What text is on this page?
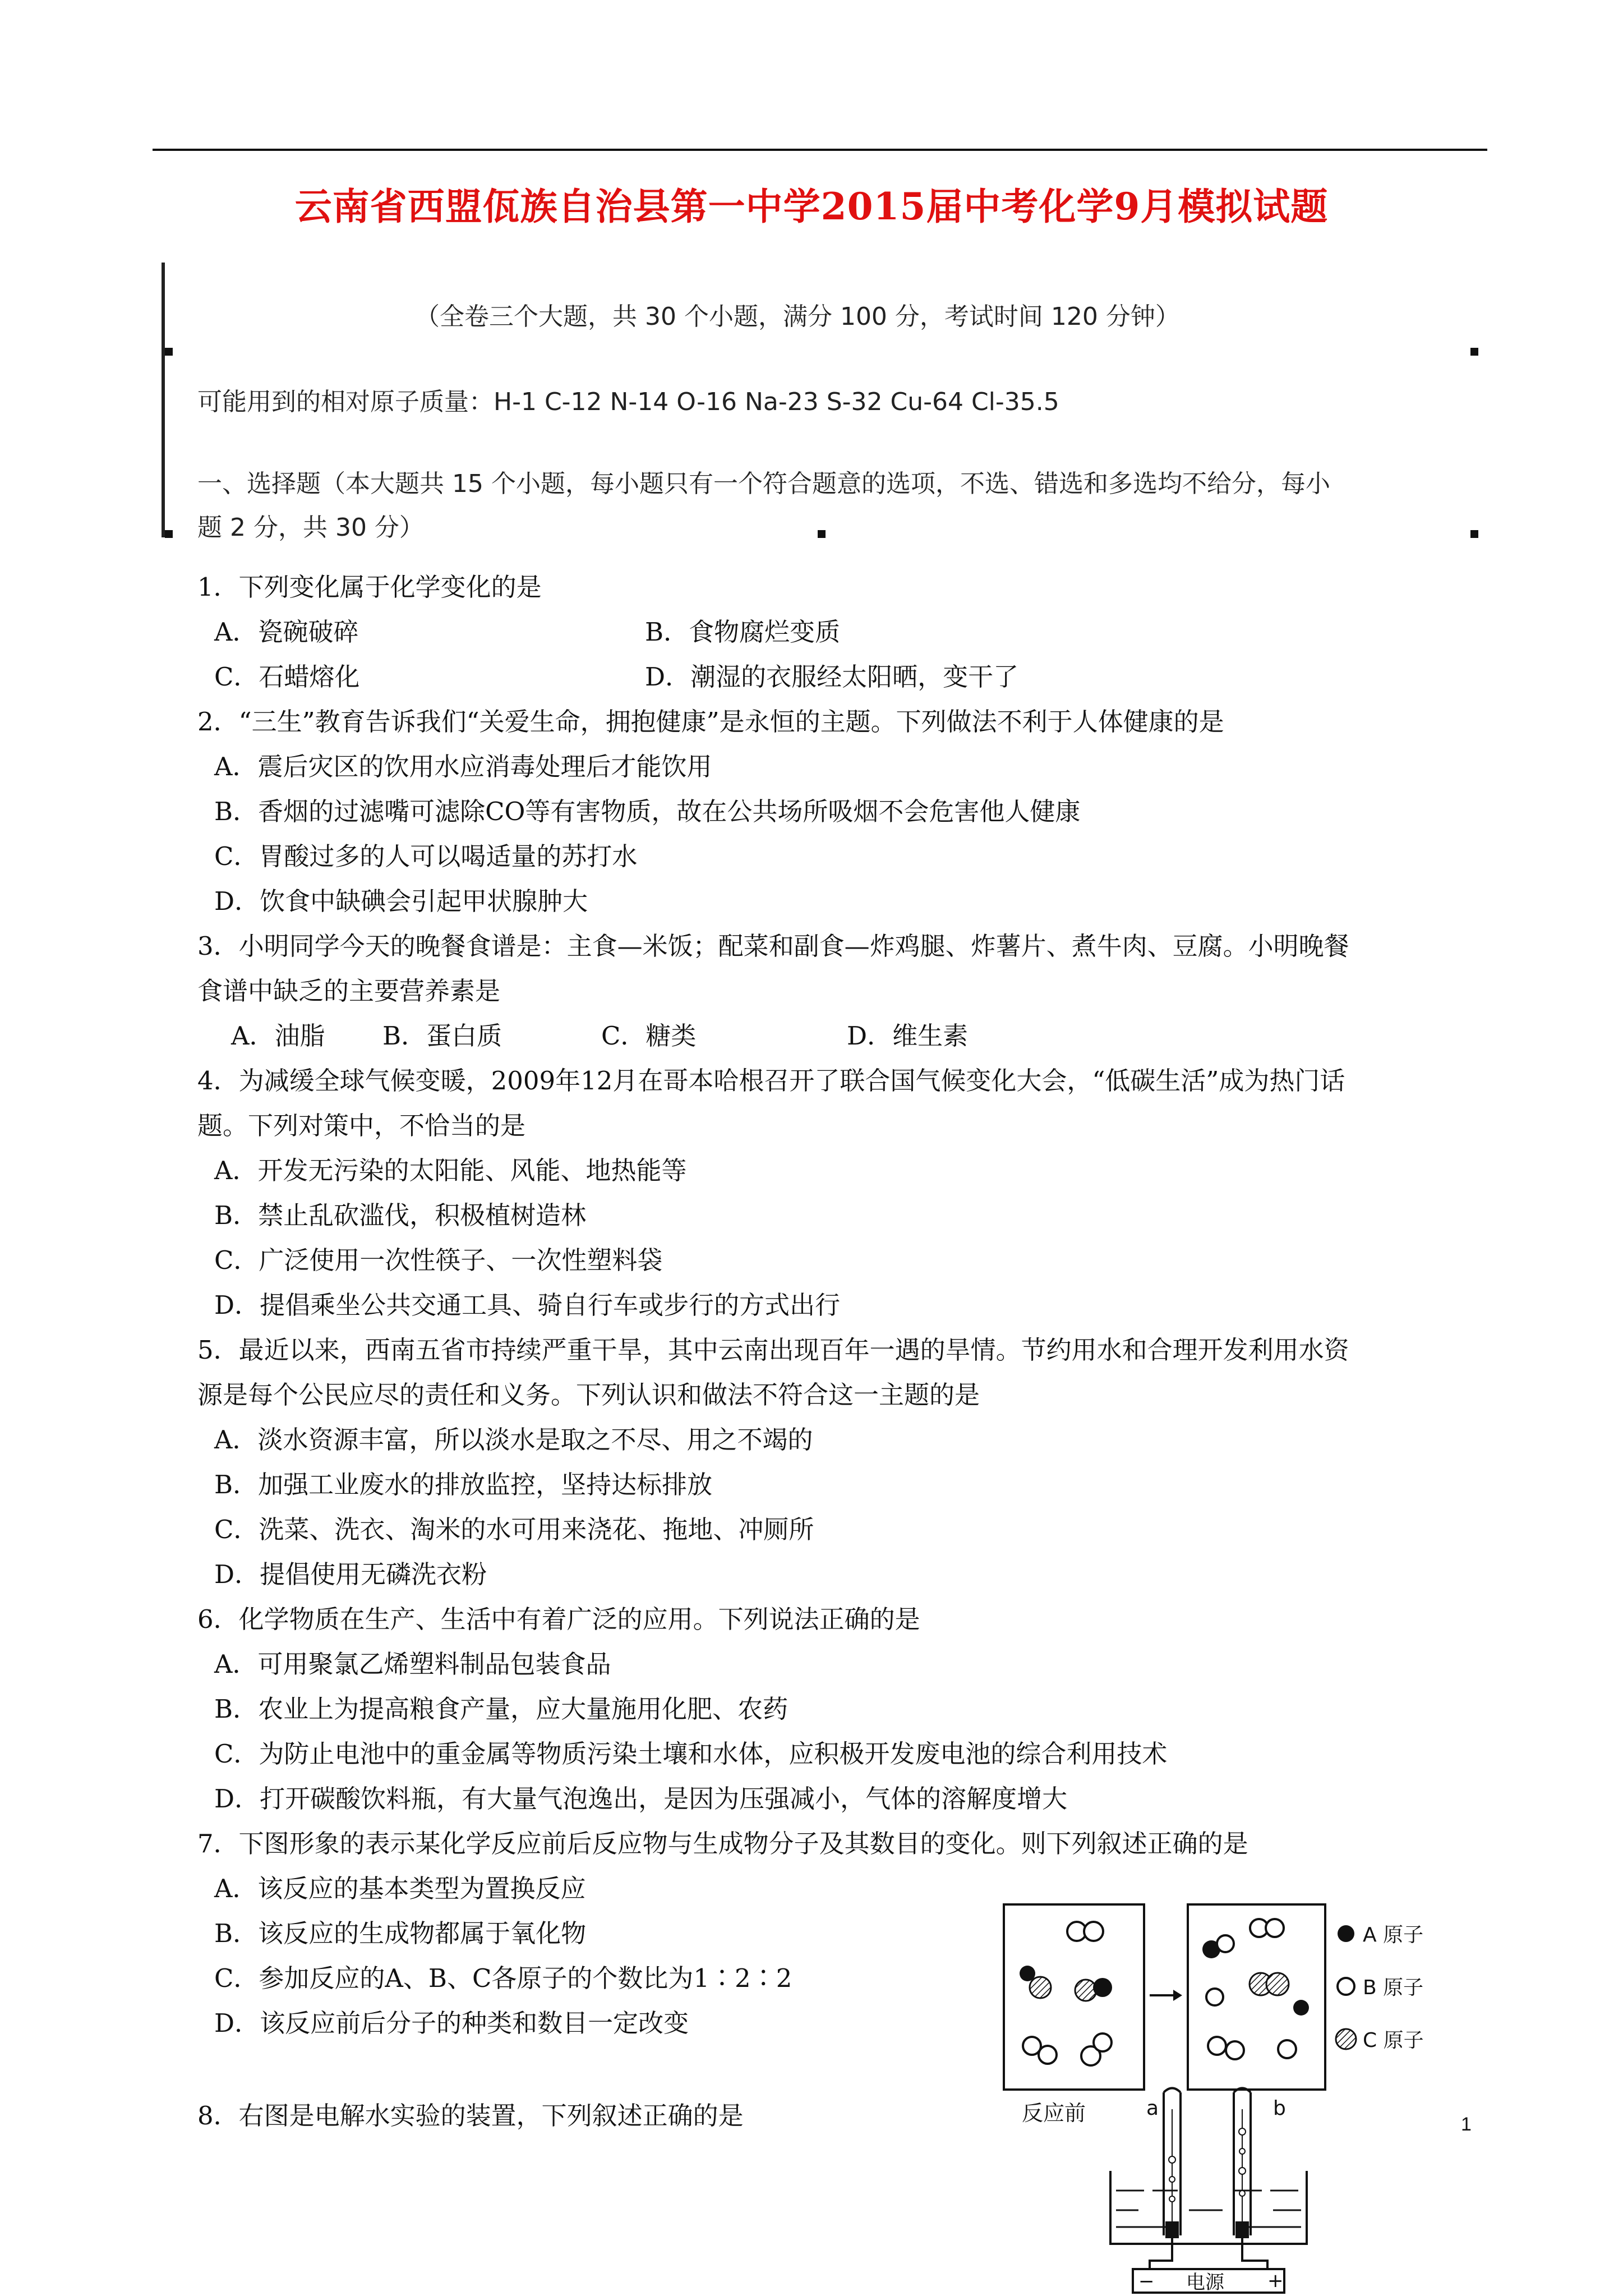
云南省西盟佤族自治县第一中学2015届中考化学9月模拟试题
（全卷三个大题，共 30 个小题，满分 100 分，考试时间 120 分钟）
可能用到的相对原子质量：H-1 C-12 N-14 O-16 Na-23 S-32 Cu-64 Cl-35.5
一、选择题（本大题共 15 个小题，每小题只有一个符合题意的选项，不选、错选和多选均不给分，每小
题 2 分，共 30 分）
1．下列变化属于化学变化的是
A．瓷碗破碎	B．食物腐烂变质
C．石蜡熔化	D．潮湿的衣服经太阳晒，变干了
2．“三生”教育告诉我们“关爱生命，拥抱健康”是永恒的主题。下列做法不利于人体健康的是
A．震后灾区的饮用水应消毒处理后才能饮用
B．香烟的过滤嘴可滤除CO等有害物质，故在公共场所吸烟不会危害他人健康
C．胃酸过多的人可以喝适量的苏打水
D．饮食中缺碘会引起甲状腺肿大
3．小明同学今天的晚餐食谱是：主食—米饭；配菜和副食—炸鸡腿、炸薯片、煮牛肉、豆腐。小明晚餐
食谱中缺乏的主要营养素是
A．油脂 B．蛋白质	C．糖类	D．维生素
4．为减缓全球气候变暖，2009年12月在哥本哈根召开了联合国气候变化大会，“低碳生活”成为热门话
题。下列对策中，不恰当的是
A．开发无污染的太阳能、风能、地热能等
B．禁止乱砍滥伐，积极植树造林
C．广泛使用一次性筷子、一次性塑料袋
D．提倡乘坐公共交通工具、骑自行车或步行的方式出行
5．最近以来，西南五省市持续严重干旱，其中云南出现百年一遇的旱情。节约用水和合理开发利用水资
源是每个公民应尽的责任和义务。下列认识和做法不符合这一主题的是
A．淡水资源丰富，所以淡水是取之不尽、用之不竭的
B．加强工业废水的排放监控，坚持达标排放
C．洗菜、洗衣、淘米的水可用来浇花、拖地、冲厕所
D．提倡使用无磷洗衣粉
6．化学物质在生产、生活中有着广泛的应用。下列说法正确的是
A．可用聚氯乙烯塑料制品包装食品
B．农业上为提高粮食产量，应大量施用化肥、农药
C．为防止电池中的重金属等物质污染土壤和水体，应积极开发废电池的综合利用技术
D．打开碳酸饮料瓶，有大量气泡逸出，是因为压强减小，气体的溶解度增大
7．下图形象的表示某化学反应前后反应物与生成物分子及其数目的变化。则下列叙述正确的是
A．该反应的基本类型为置换反应
B．该反应的生成物都属于氧化物
C．参加反应的A、B、C各原子的个数比为1∶2∶2
D．该反应前后分子的种类和数目一定改变
8．右图是电解水实验的装置，下列叙述正确的是
A 原子
B 原子
C 原子
反应前	a	b
− 电源 +
1
